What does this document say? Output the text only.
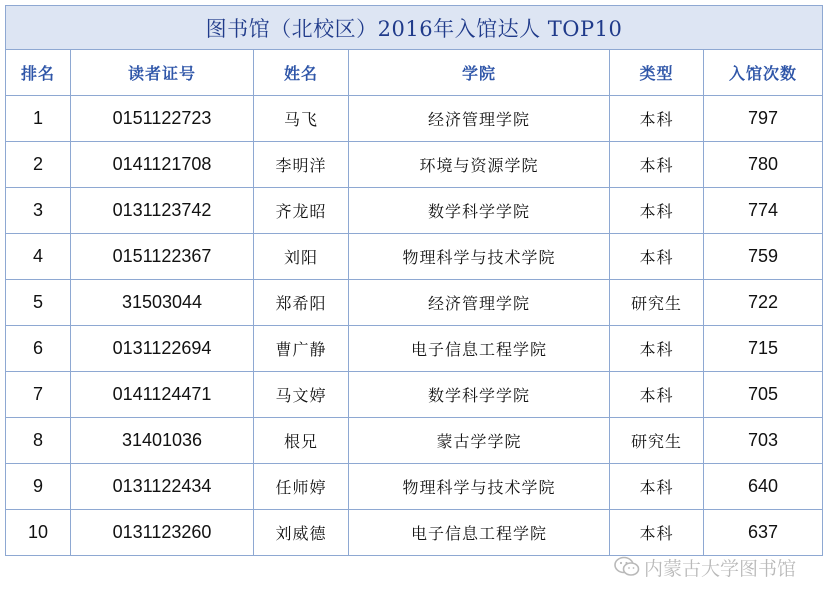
图书馆（北校区）2016年入馆达人 TOP10					
排名	读者证号	姓名	学院	类型	入馆次数
1	0151122723	马飞	经济管理学院	本科	797
2	0141121708	李明洋	环境与资源学院	本科	780
3	0131123742	齐龙昭	数学科学学院	本科	774
4	0151122367	刘阳	物理科学与技术学院	本科	759
5	31503044	郑希阳	经济管理学院	研究生	722
6	0131122694	曹广静	电子信息工程学院	本科	715
7	0141124471	马文婷	数学科学学院	本科	705
8	31401036	根兄	蒙古学学院	研究生	703
9	0131122434	任师婷	物理科学与技术学院	本科	640
10	0131123260	刘威德	电子信息工程学院	本科	637
内蒙古大学图书馆
